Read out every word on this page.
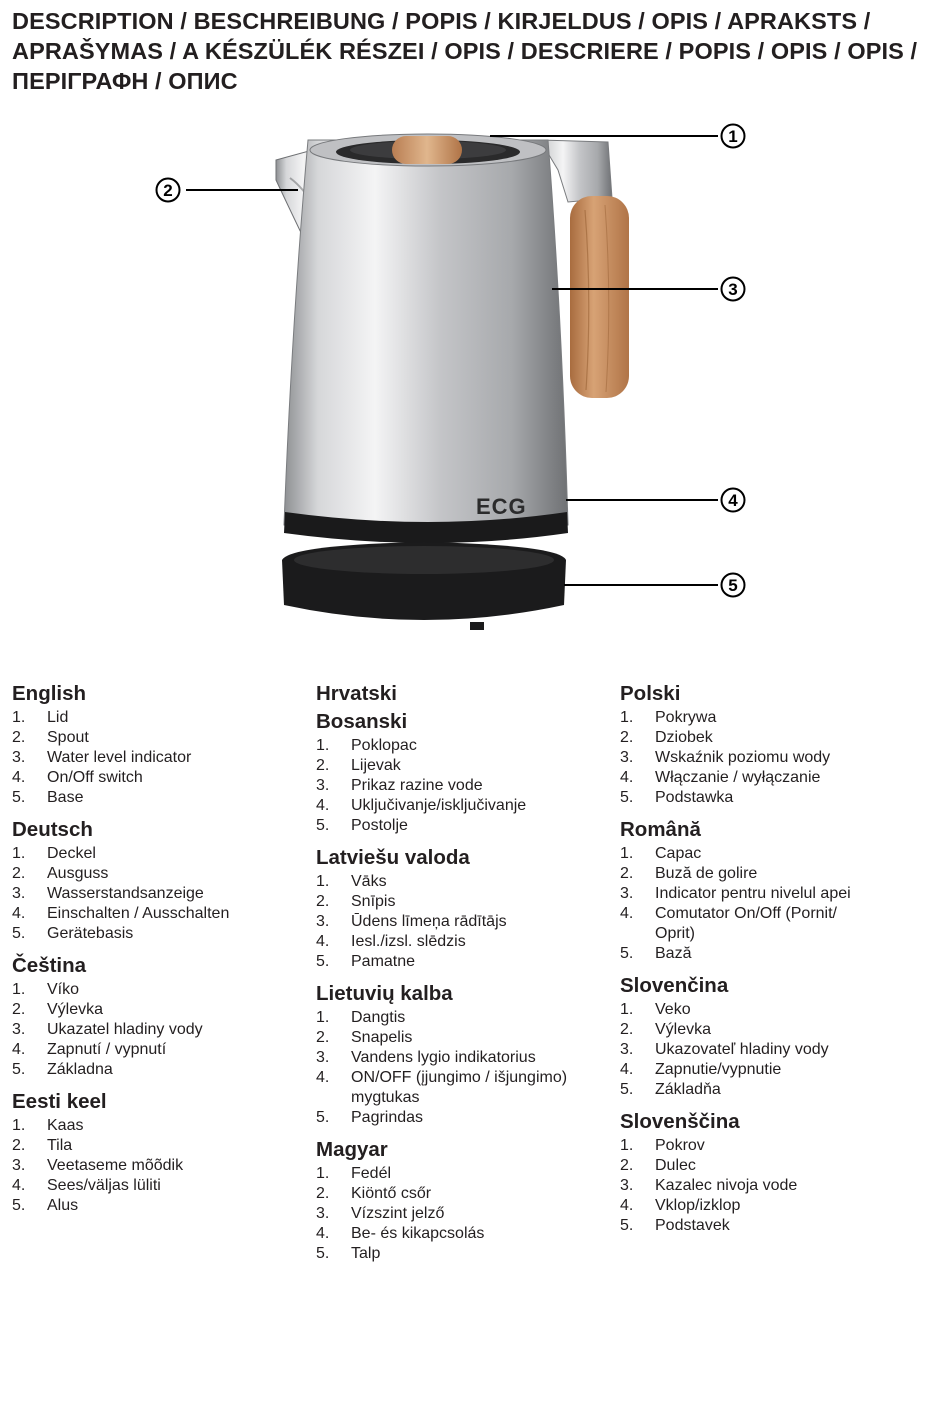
DESCRIPTION / BESCHREIBUNG / POPIS / KIRJELDUS / OPIS / APRAKSTS /
APRAŠYMAS / A KÉSZÜLÉK RÉSZEI / OPIS / DESCRIERE / POPIS / OPIS / OPIS /
ΠΕΡΙΓΡΑΦΗ / ОПИС
ECG
1
2
3
4
5
English
1. Lid
2. Spout
3. Water level indicator
4. On/Off switch
5. Base
Deutsch
1. Deckel
2. Ausguss
3. Wasserstandsanzeige
4. Einschalten / Ausschalten
5. Gerätebasis
Čeština
1. Víko
2. Výlevka
3. Ukazatel hladiny vody
4. Zapnutí / vypnutí
5. Základna
Eesti keel
1. Kaas
2. Tila
3. Veetaseme mõõdik
4. Sees/väljas lüliti
5. Alus
Hrvatski
Bosanski
1. Poklopac
2. Lijevak
3. Prikaz razine vode
4. Uključivanje/isključivanje
5. Postolje
Latviešu valoda
1. Vāks
2. Snīpis
3. Ūdens līmeņa rādītājs
4. Iesl./izsl. slēdzis
5. Pamatne
Lietuvių kalba
1. Dangtis
2. Snapelis
3. Vandens lygio indikatorius
4. ON/OFF (įjungimo / išjungimo)
mygtukas
5. Pagrindas
Magyar
1. Fedél
2. Kiöntő csőr
3. Vízszint jelző
4. Be- és kikapcsolás
5. Talp
Polski
1. Pokrywa
2. Dziobek
3. Wskaźnik poziomu wody
4. Włączanie / wyłączanie
5. Podstawka
Română
1. Capac
2. Buză de golire
3. Indicator pentru nivelul apei
4. Comutator On/Off (Pornit/
Oprit)
5. Bază
Slovenčina
1. Veko
2. Výlevka
3. Ukazovateľ hladiny vody
4. Zapnutie/vypnutie
5. Základňa
Slovenščina
1. Pokrov
2. Dulec
3. Kazalec nivoja vode
4. Vklop/izklop
5. Podstavek
